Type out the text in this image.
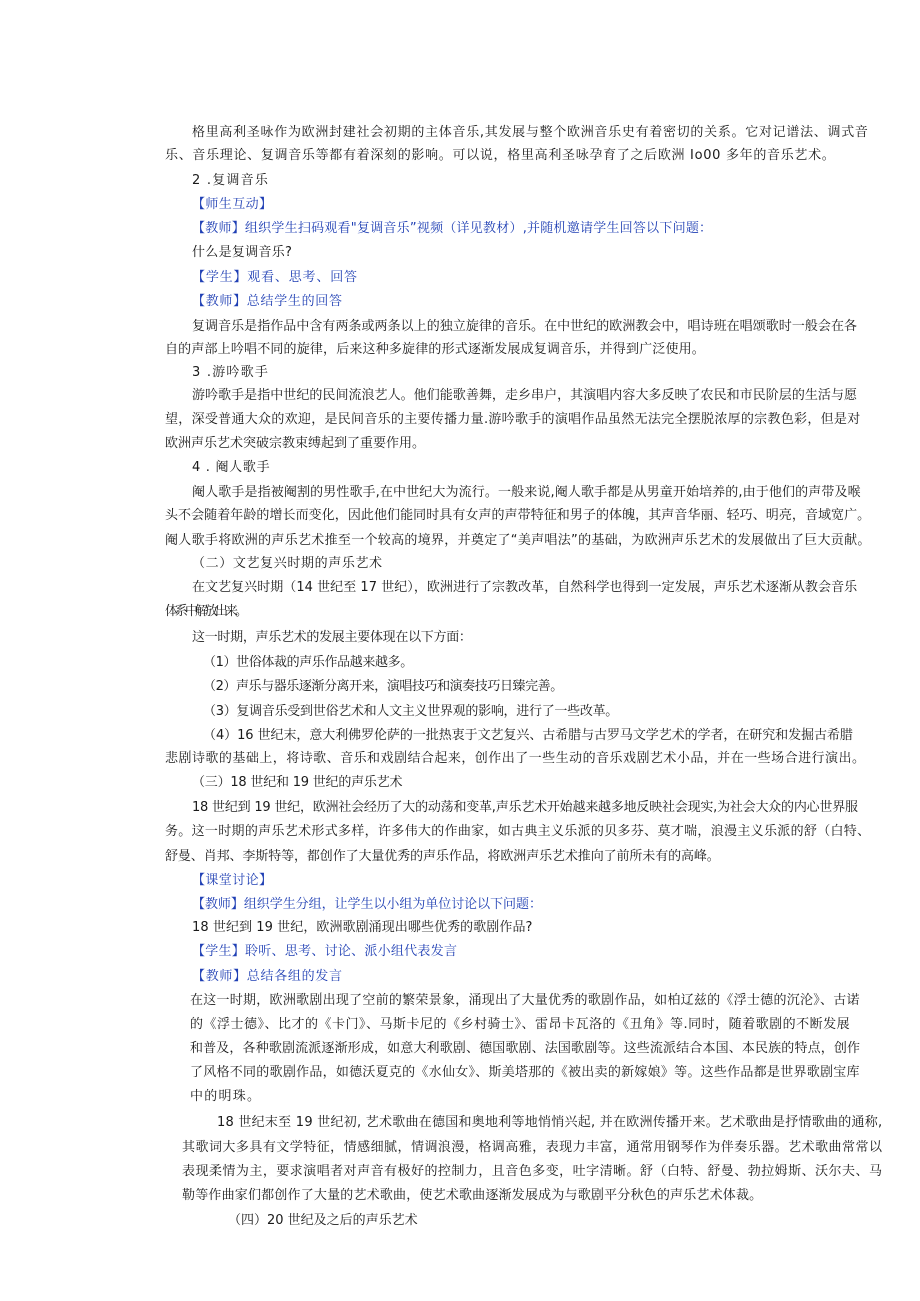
格里高利圣咏作为欧洲封建社会初期的主体音乐,其发展与整个欧洲音乐史有着密切的关系。它对记谱法、调式音
乐、音乐理论、复调音乐等都有着深刻的影响。可以说，格里高利圣咏孕育了之后欧洲 Io00 多年的音乐艺术。
2 .复调音乐
【师生互动】
【教师】组织学生扫码观看"复调音乐”视频（详见教材）,并随机邀请学生回答以下问题：
什么是复调音乐?
【学生】观看、思考、回答
【教师】总结学生的回答
复调音乐是指作品中含有两条或两条以上的独立旋律的音乐。在中世纪的欧洲教会中，唱诗班在唱颂歌时一般会在各
自的声部上吟唱不同的旋律，后来这种多旋律的形式逐渐发展成复调音乐，并得到广泛使用。
3 .游吟歌手
游吟歌手是指中世纪的民间流浪艺人。他们能歌善舞，走乡串户，其演唱内容大多反映了农民和市民阶层的生活与愿
望，深受普通大众的欢迎，是民间音乐的主要传播力量.游吟歌手的演唱作品虽然无法完全摆脱浓厚的宗教色彩，但是对
欧洲声乐艺术突破宗教束缚起到了重要作用。
4 . 阉人歌手
阉人歌手是指被阉割的男性歌手,在中世纪大为流行。一般来说,阉人歌手都是从男童开始培养的,由于他们的声带及喉
头不会随着年龄的增长而变化，因此他们能同时具有女声的声带特征和男子的体魄，其声音华丽、轻巧、明亮，音域宽广。
阉人歌手将欧洲的声乐艺术推至一个较高的境界，并奠定了“美声唱法”的基础，为欧洲声乐艺术的发展做出了巨大贡献。
（二）文艺复兴时期的声乐艺术
在文艺复兴时期（14 世纪至 17 世纪），欧洲进行了宗教改革，自然科学也得到一定发展，声乐艺术逐渐从教会音乐
体系中解放出来。
这一时期，声乐艺术的发展主要体现在以下方面：
（1）世俗体裁的声乐作品越来越多。
（2）声乐与器乐逐渐分离开来，演唱技巧和演奏技巧日臻完善。
（3）复调音乐受到世俗艺术和人文主义世界观的影响，进行了一些改革。
（4）16 世纪末，意大利佛罗伦萨的一批热衷于文艺复兴、古希腊与古罗马文学艺术的学者，在研究和发掘古希腊
悲剧诗歌的基础上，将诗歌、音乐和戏剧结合起来，创作出了一些生动的音乐戏剧艺术小品，并在一些场合进行演出。
（三）18 世纪和 19 世纪的声乐艺术
18 世纪到 19 世纪，欧洲社会经历了大的动荡和变革,声乐艺术开始越来越多地反映社会现实,为社会大众的内心世界服
务。这一时期的声乐艺术形式多样，许多伟大的作曲家，如古典主义乐派的贝多芬、莫才喘，浪漫主义乐派的舒（白特、
舒曼、肖邦、李斯特等，都创作了大量优秀的声乐作品，将欧洲声乐艺术推向了前所未有的高峰。
【课堂讨论】
【教师】组织学生分组，让学生以小组为单位讨论以下问题：
18 世纪到 19 世纪，欧洲歌剧涌现出哪些优秀的歌剧作品?
【学生】聆听、思考、讨论、派小组代表发言
【教师】总结各组的发言
在这一时期，欧洲歌剧出现了空前的繁荣景象，涌现出了大量优秀的歌剧作品，如柏辽兹的《浮士德的沉沦》、古诺
的《浮士德》、比才的《卡门》、马斯卡尼的《乡村骑士》、雷昂卡瓦洛的《丑角》等.同时，随着歌剧的不断发展
和普及，各种歌剧流派逐渐形成，如意大利歌剧、德国歌剧、法国歌剧等。这些流派结合本国、本民族的特点，创作
了风格不同的歌剧作品，如德沃夏克的《水仙女》、斯美塔那的《被出卖的新嫁娘》等。这些作品都是世界歌剧宝库
中的明珠。
18 世纪末至 19 世纪初, 艺术歌曲在德国和奥地利等地悄悄兴起, 并在欧洲传播开来。艺术歌曲是抒情歌曲的通称,
其歌词大多具有文学特征，情感细腻，情调浪漫，格调高雅，表现力丰富，通常用钢琴作为伴奏乐器。艺术歌曲常常以
表现柔情为主，要求演唱者对声音有极好的控制力，且音色多变，吐字清晰。舒（白特、舒曼、勃拉姆斯、沃尔夫、马
勒等作曲家们都创作了大量的艺术歌曲，使艺术歌曲逐渐发展成为与歌剧平分秋色的声乐艺术体裁。
（四）20 世纪及之后的声乐艺术
